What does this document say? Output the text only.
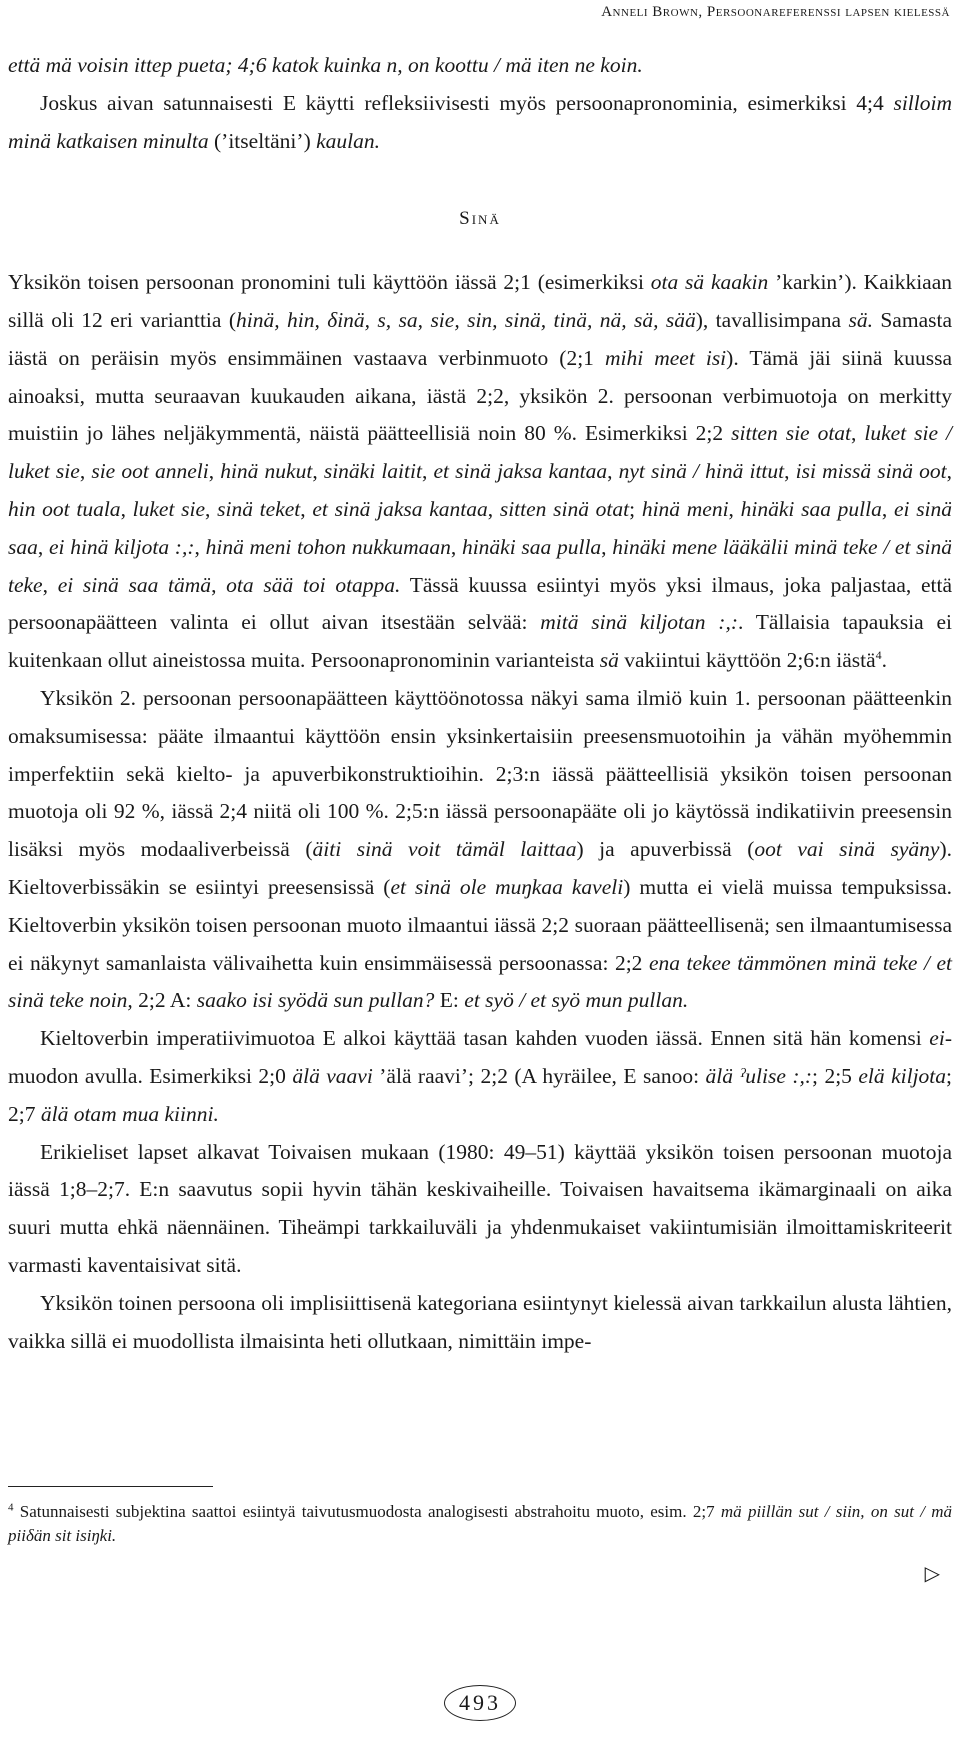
Anneli Brown, Persoonareferenssi lapsen kielessä

että mä voisin ittep pueta; 4;6 katok kuinka n, on koottu / mä iten ne koin.

Joskus aivan satunnaisesti E käytti refleksiivisesti myös persoonapronominia, esimerkiksi 4;4 silloim minä katkaisen minulta (’itseltäni’) kaulan.

Sinä

Yksikön toisen persoonan pronomini tuli käyttöön iässä 2;1 (esimerkiksi ota sä kaakin ’karkin’). Kaikkiaan sillä oli 12 eri varianttia (hinä, hin, δinä, s, sa, sie, sin, sinä, tinä, nä, sä, sää), tavallisimpana sä. Samasta iästä on peräisin myös ensimmäinen vastaava verbinmuoto (2;1 mihi meet isi). Tämä jäi siinä kuussa ainoaksi, mutta seuraavan kuukauden aikana, iästä 2;2, yksikön 2. persoonan verbimuotoja on merkitty muistiin jo lähes neljäkymmentä, näistä päätteellisiä noin 80 %. Esimerkiksi 2;2 sitten sie otat, luket sie / luket sie, sie oot anneli, hinä nukut, sinäki laitit, et sinä jaksa kantaa, nyt sinä / hinä ittut, isi missä sinä oot, hin oot tuala, luket sie, sinä teket, et sinä jaksa kantaa, sitten sinä otat; hinä meni, hinäki saa pulla, ei sinä saa, ei hinä kiljota :,:, hinä meni tohon nukkumaan, hinäki saa pulla, hinäki mene lääkälii minä teke / et sinä teke, ei sinä saa tämä, ota sää toi otappa. Tässä kuussa esiintyi myös yksi ilmaus, joka paljastaa, että persoonapäätteen valinta ei ollut aivan itsestään selvää: mitä sinä kiljotan :,:. Tällaisia tapauksia ei kuitenkaan ollut aineistossa muita. Persoonapronominin varianteista sä vakiintui käyttöön 2;6:n iästä$^4$.

Yksikön 2. persoonan persoonapäätteen käyttöönotossa näkyi sama ilmiö kuin 1. persoonan päätteenkin omaksumisessa: pääte ilmaantui käyttöön ensin yksinkertaisiin preesensmuotoihin ja vähän myöhemmin imperfektiin sekä kielto- ja apuverbikonstruktioihin. 2;3:n iässä päätteellisiä yksikön toisen persoonan muotoja oli 92 %, iässä 2;4 niitä oli 100 %. 2;5:n iässä persoonapääte oli jo käytössä indikatiivin preesensin lisäksi myös modaaliverbeissä (äiti sinä voit tämäl laittaa) ja apuverbissä (oot vai sinä syäny). Kieltoverbissäkin se esiintyi preesensissä (et sinä ole muŋkaa kaveli) mutta ei vielä muissa tempuksissa. Kieltoverbin yksikön toisen persoonan muoto ilmaantui iässä 2;2 suoraan päätteellisenä; sen ilmaantumisessa ei näkynyt samanlaista välivaihetta kuin ensimmäisessä persoonassa: 2;2 ena tekee tämmönen minä teke / et sinä teke noin, 2;2 A: saako isi syödä sun pullan? E: et syö / et syö mun pullan.

Kieltoverbin imperatiivimuotoa E alkoi käyttää tasan kahden vuoden iässä. Ennen sitä hän komensi ei-muodon avulla. Esimerkiksi 2;0 älä vaavi ’älä raavi’; 2;2 (A hyräilee, E sanoo: älä ˀulise :,:; 2;5 elä kiljota; 2;7 älä otam mua kiinni.

Erikieliset lapset alkavat Toivaisen mukaan (1980: 49–51) käyttää yksikön toisen persoonan muotoja iässä 1;8–2;7. E:n saavutus sopii hyvin tähän keskivaiheille. Toivaisen havaitsema ikämarginaali on aika suuri mutta ehkä näennäinen. Tiheämpi tarkkailuväli ja yhdenmukaiset vakiintumisiän ilmoittamiskriteerit varmasti kaventaisivat sitä.

Yksikön toinen persoona oli implisiittisenä kategoriana esiintynyt kielessä aivan tarkkailun alusta lähtien, vaikka sillä ei muodollista ilmaisinta heti ollutkaan, nimittäin impe-

$^4$ Satunnaisesti subjektina saattoi esiintyä taivutusmuodosta analogisesti abstrahoitu muoto, esim. 2;7 mä piillän sut / siin, on sut / mä piiδän sit isiŋki.
▷
493
